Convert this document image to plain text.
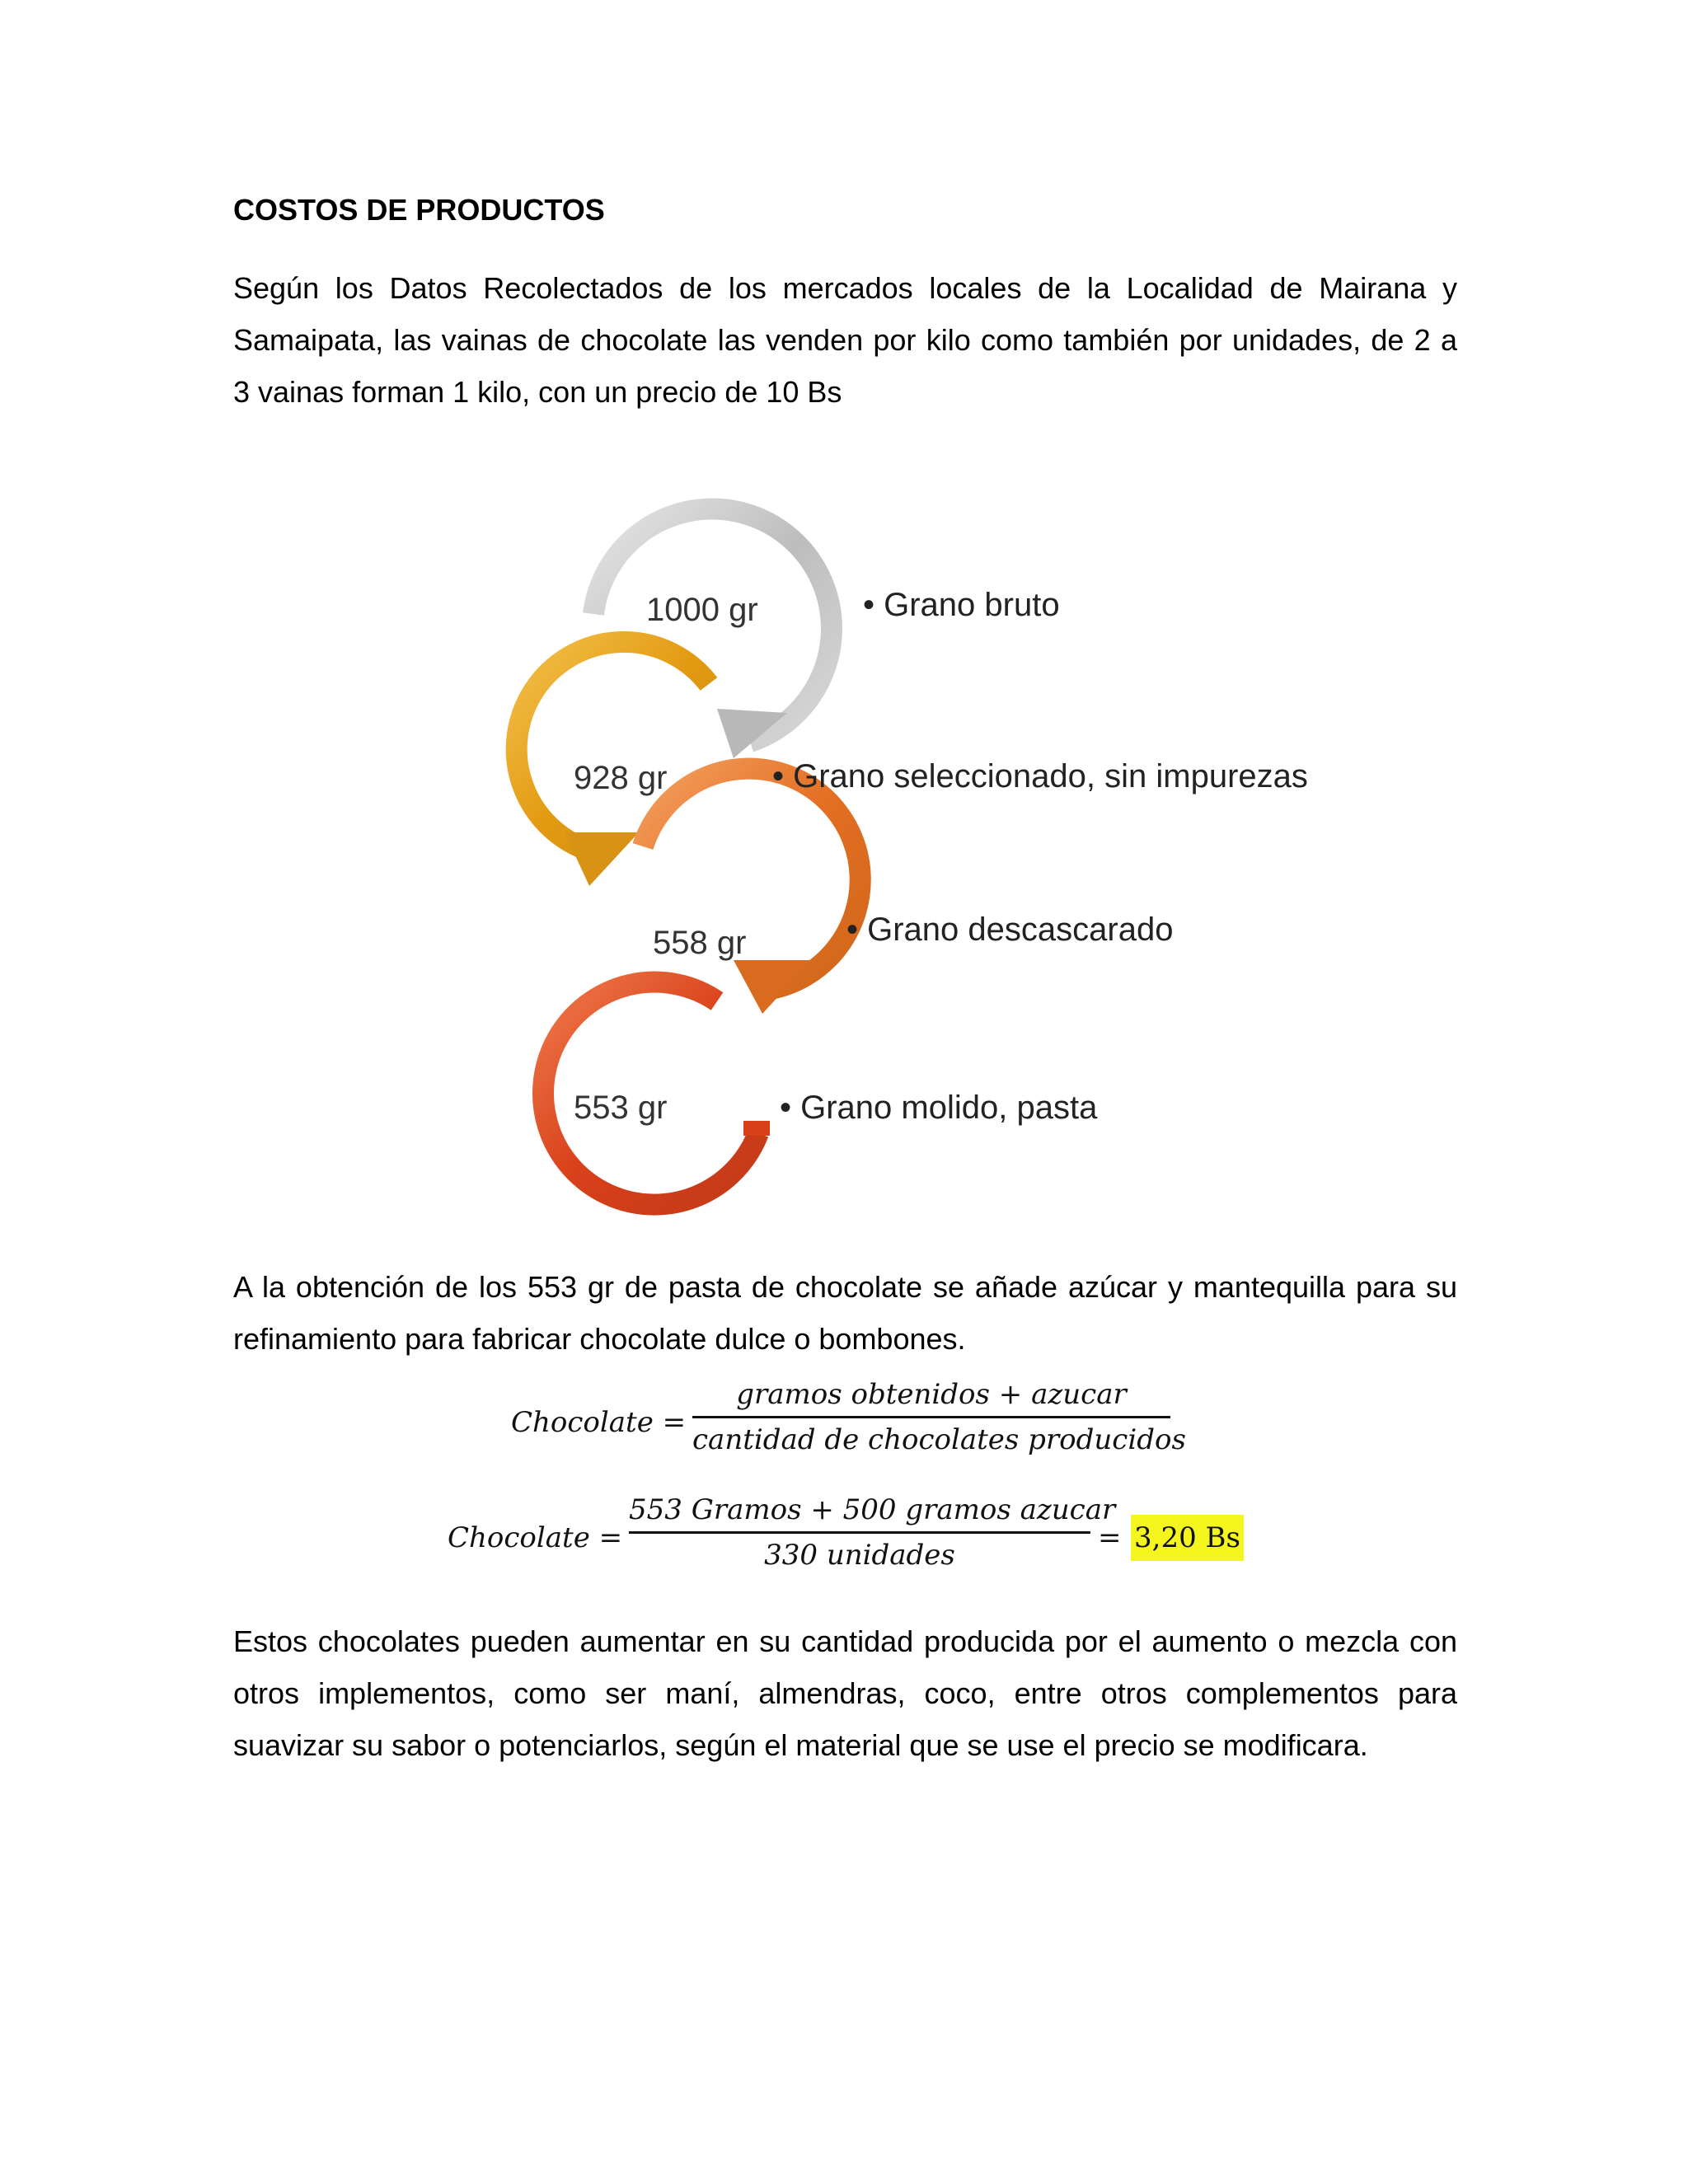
COSTOS DE PRODUCTOS

Según los Datos Recolectados de los mercados locales de la Localidad de Mairana y
Samaipata, las vainas de chocolate las venden por kilo como también por unidades, de 2 a
3 vainas forman 1 kilo, con un precio de 10 Bs

1000 gr	• Grano bruto
928 gr	• Grano seleccionado, sin impurezas
558 gr	• Grano descascarado
553 gr	• Grano molido, pasta

A la obtención de los 553 gr de pasta de chocolate se añade azúcar y mantequilla para su
refinamiento para fabricar chocolate dulce o bombones.

Chocolate =
gramos obtenidos + azucar
cantidad de chocolates producidos
Chocolate =
553 Gramos + 500 gramos azucar
330 unidades
= 3,20 Bs

Estos chocolates pueden aumentar en su cantidad producida por el aumento o mezcla con
otros implementos, como ser maní, almendras, coco, entre otros complementos para
suavizar su sabor o potenciarlos, según el material que se use el precio se modificara.
